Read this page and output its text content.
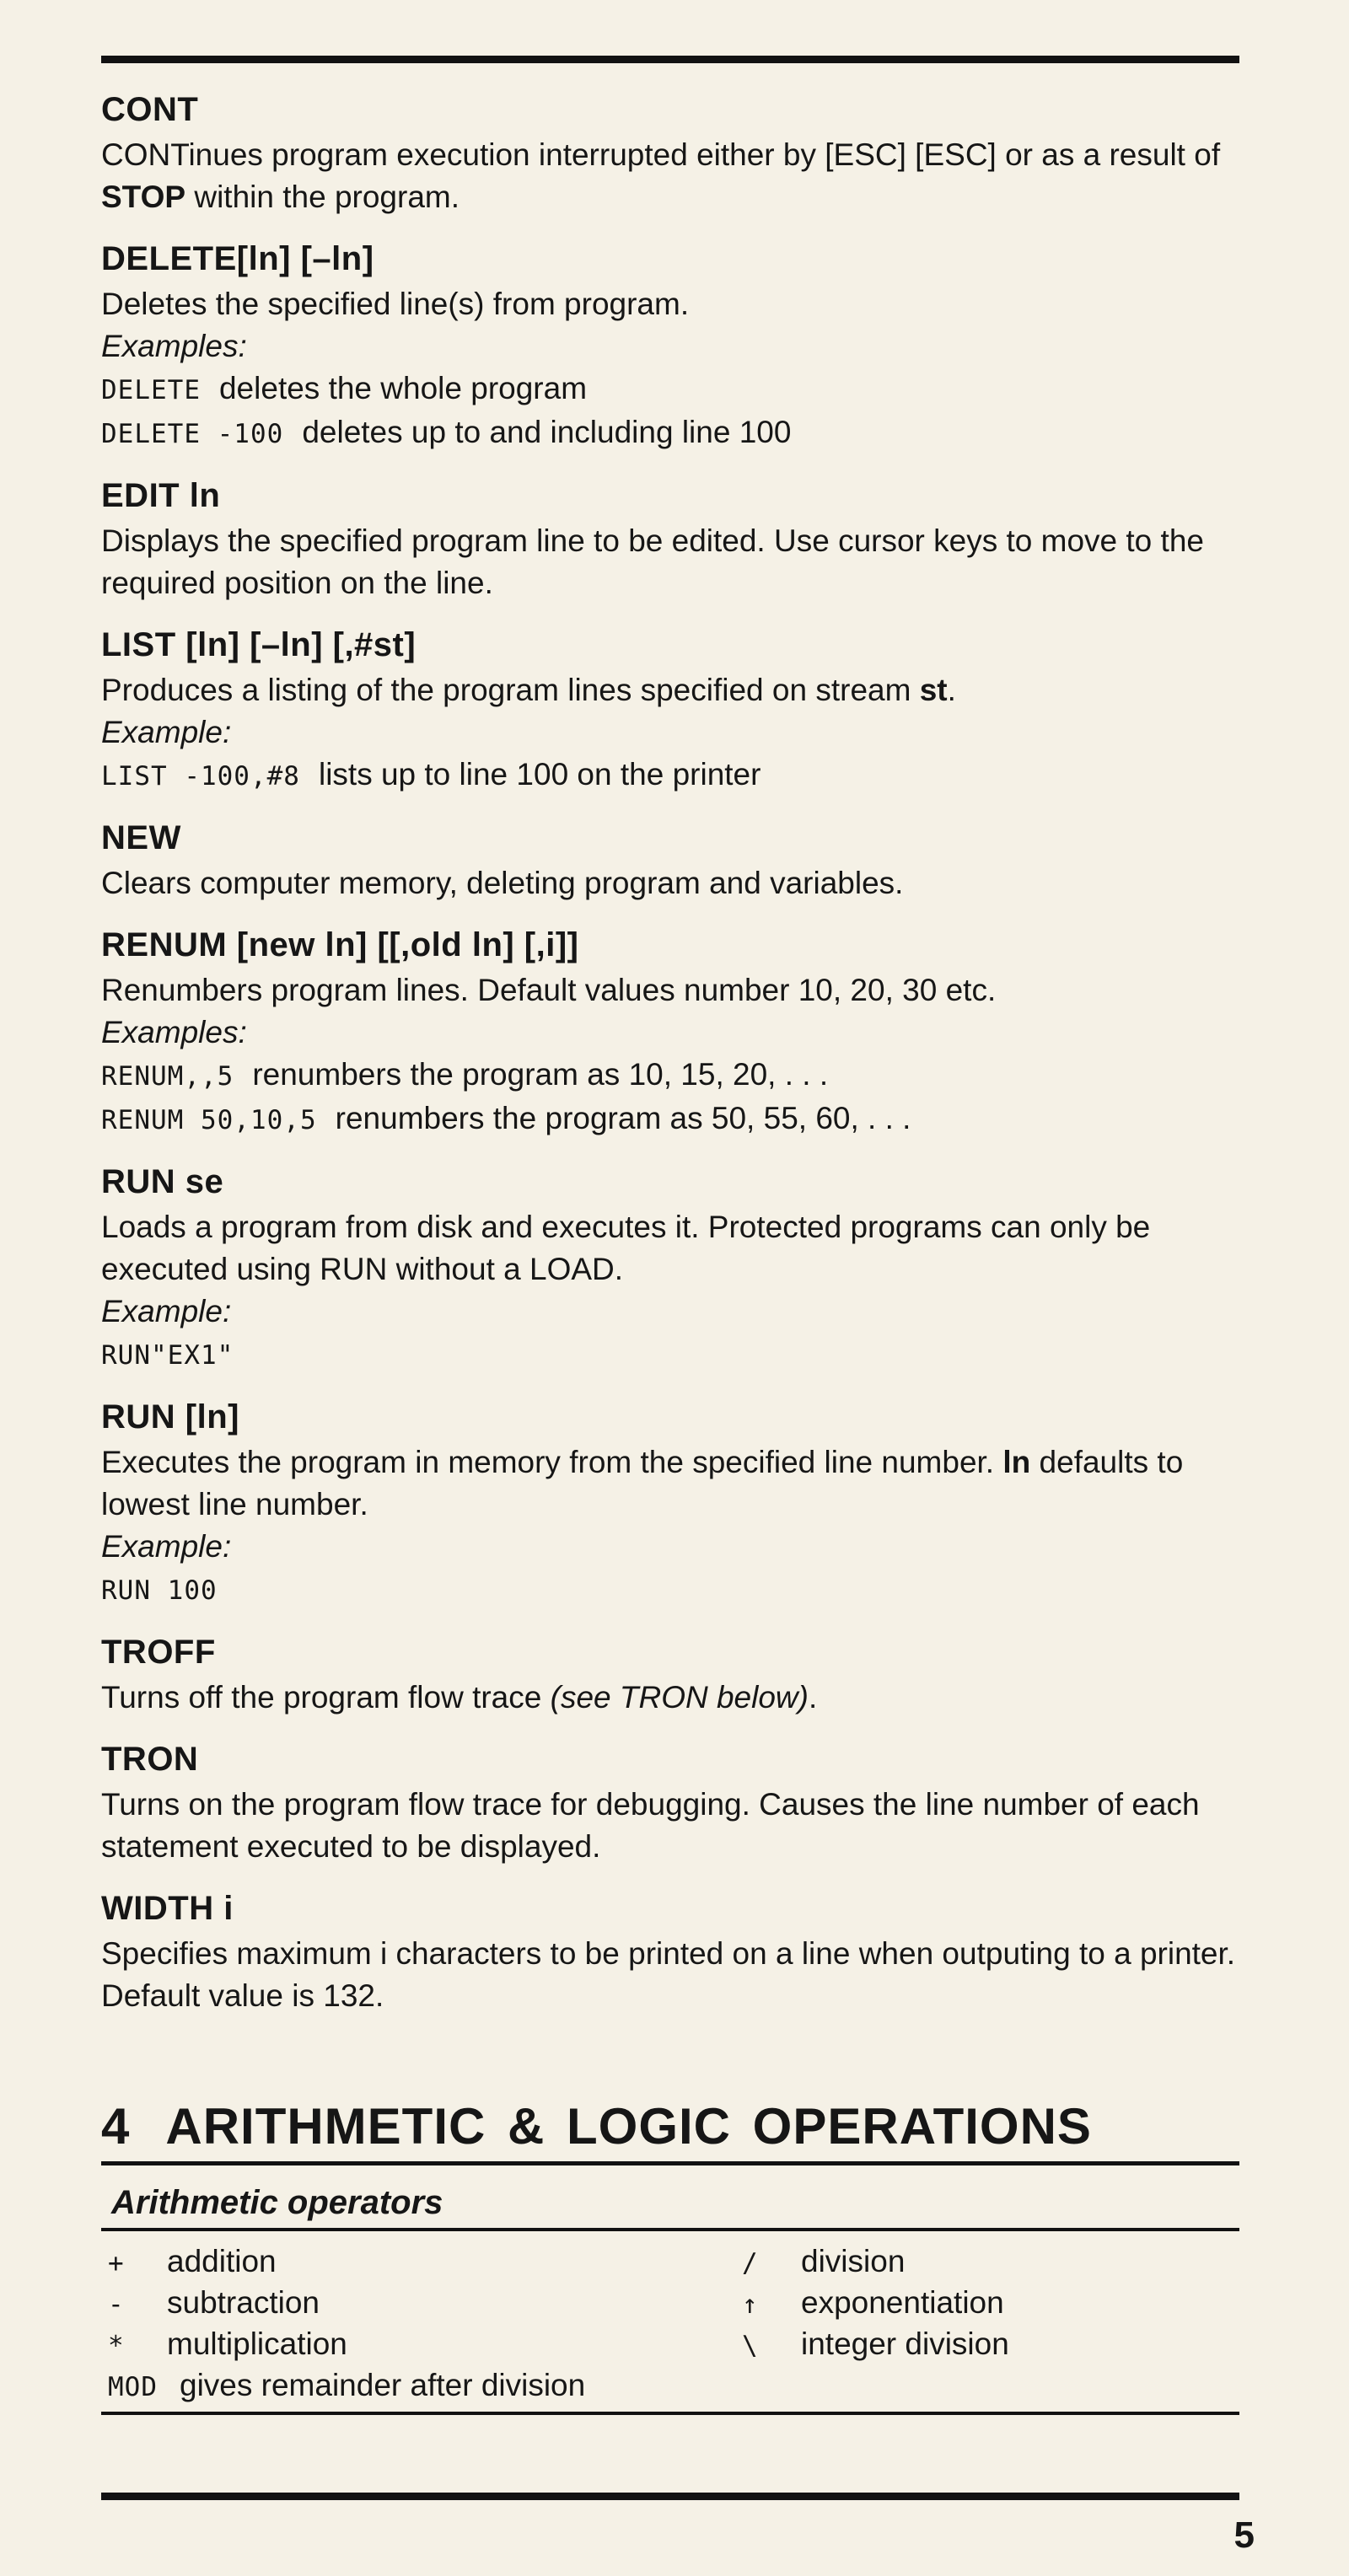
CONT

CONTinues program execution interrupted either by [ESC] [ESC] or as a result of STOP within the program.

DELETE[ln] [–ln]

Deletes the specified line(s) from program.

Examples:

DELETE deletes the whole program

DELETE -100 deletes up to and including line 100

EDIT ln

Displays the specified program line to be edited. Use cursor keys to move to the required position on the line.

LIST [ln] [–ln] [,#st]

Produces a listing of the program lines specified on stream st.

Example:

LIST -100,#8 lists up to line 100 on the printer

NEW

Clears computer memory, deleting program and variables.

RENUM [new ln] [[,old ln] [,i]]

Renumbers program lines. Default values number 10, 20, 30 etc.

Examples:

RENUM,,5 renumbers the program as 10, 15, 20, . . .

RENUM 50,10,5 renumbers the program as 50, 55, 60, . . .

RUN se

Loads a program from disk and executes it. Protected programs can only be executed using RUN without a LOAD.

Example:

RUN"EX1"

RUN [ln]

Executes the program in memory from the specified line number. ln defaults to lowest line number.

Example:

RUN 100

TROFF

Turns off the program flow trace (see TRON below).

TRON

Turns on the program flow trace for debugging. Causes the line number of each statement executed to be displayed.

WIDTH i

Specifies maximum i characters to be printed on a line when outputing to a printer. Default value is 132.

4 ARITHMETIC & LOGIC OPERATIONS
Arithmetic operators
+ addition	/ division
- subtraction	↑ exponentiation
* multiplication	\ integer division
MOD gives remainder after division
5
